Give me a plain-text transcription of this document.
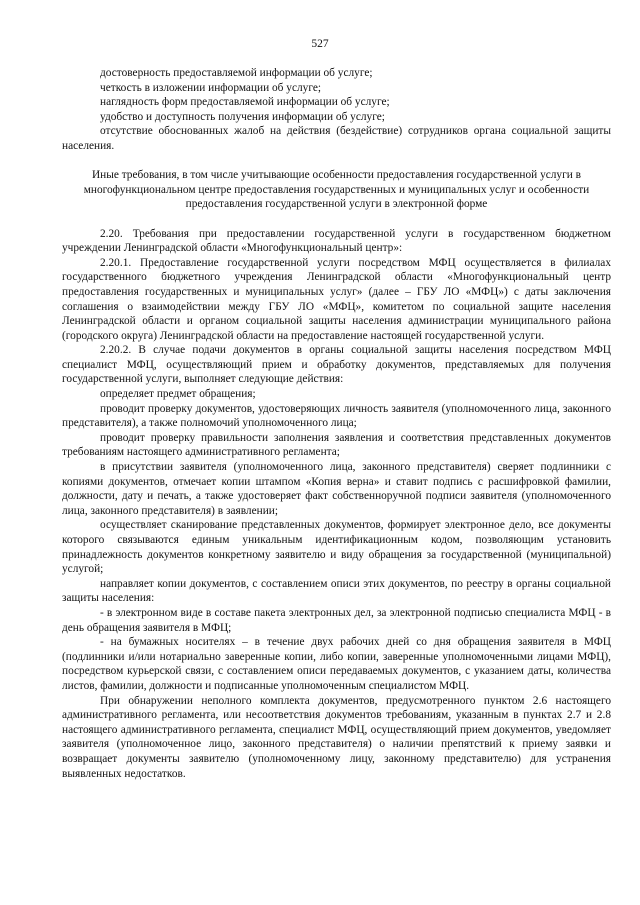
527

достоверность предоставляемой информации об услуге;

четкость в изложении информации об услуге;

наглядность форм предоставляемой информации об услуге;

удобство и доступность получения информации об услуге;

отсутствие обоснованных жалоб на действия (бездействие) сотрудников органа социальной защиты населения.

Иные требования, в том числе учитывающие особенности предоставления государственной услуги в многофункциональном центре предоставления государственных и муниципальных услуг и особенности предоставления государственной услуги в электронной форме

2.20. Требования при предоставлении государственной услуги в государственном бюджетном учреждении Ленинградской области «Многофункциональный центр»:

2.20.1. Предоставление государственной услуги посредством МФЦ осуществляется в филиалах государственного бюджетного учреждения Ленинградской области «Многофункциональный центр предоставления государственных и муниципальных услуг» (далее – ГБУ ЛО «МФЦ») с даты заключения соглашения о взаимодействии между ГБУ ЛО «МФЦ», комитетом по социальной защите населения Ленинградской области и органом социальной защиты населения администрации муниципального района (городского округа) Ленинградской области на предоставление настоящей государственной услуги.

2.20.2. В случае подачи документов в органы социальной защиты населения посредством МФЦ специалист МФЦ, осуществляющий прием и обработку документов, представляемых для получения государственной услуги, выполняет следующие действия:

определяет предмет обращения;

проводит проверку документов, удостоверяющих личность заявителя (уполномоченного лица, законного представителя), а также полномочий уполномоченного лица;

проводит проверку правильности заполнения заявления и соответствия представленных документов требованиям настоящего административного регламента;

в присутствии заявителя (уполномоченного лица, законного представителя) сверяет подлинники с копиями документов, отмечает копии штампом «Копия верна» и ставит подпись с расшифровкой фамилии, должности, дату и печать, а также удостоверяет факт собственноручной подписи заявителя (уполномоченного лица, законного представителя) в заявлении;

осуществляет сканирование представленных документов, формирует электронное дело, все документы которого связываются единым уникальным идентификационным кодом, позволяющим установить принадлежность документов конкретному заявителю и виду обращения за государственной (муниципальной) услугой;

направляет копии документов, с составлением описи этих документов, по реестру в органы социальной защиты населения:

- в электронном виде в составе пакета электронных дел, за электронной подписью специалиста МФЦ - в день обращения заявителя в МФЦ;

- на бумажных носителях – в течение двух рабочих дней со дня обращения заявителя в МФЦ (подлинники и/или нотариально заверенные копии, либо копии, заверенные уполномоченными лицами МФЦ), посредством курьерской связи, с составлением описи передаваемых документов, с указанием даты, количества листов, фамилии, должности и подписанные уполномоченным специалистом МФЦ.

При обнаружении неполного комплекта документов, предусмотренного пунктом 2.6 настоящего административного регламента, или несоответствия документов требованиям, указанным в пунктах 2.7 и 2.8 настоящего административного регламента, специалист МФЦ, осуществляющий прием документов, уведомляет заявителя (уполномоченное лицо, законного представителя) о наличии препятствий к приему заявки и возвращает документы заявителю (уполномоченному лицу, законному представителю) для устранения выявленных недостатков.
